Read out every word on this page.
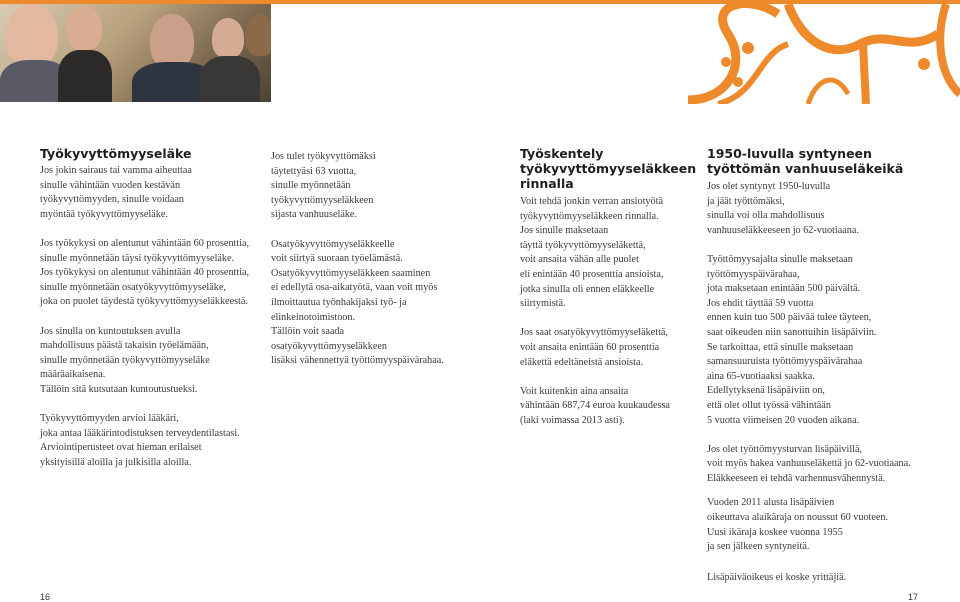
Työkyvyttömyyseläke

Jos jokin sairaus tai vamma aiheuttaa
sinulle vähintään vuoden kestävän
työkyvyttömyyden, sinulle voidaan
myöntää työkyvyttömyyseläke.

Jos työkykysi on alentunut vähintään 60 prosenttia,
sinulle myönnetään täysi työkyvyttömyyseläke.
Jos työkykysi on alentunut vähintään 40 prosenttia,
sinulle myönnetään osatyökyvyttömyyseläke,
joka on puolet täydestä työkyvyttömyyseläkkeestä.

Jos sinulla on kuntoutuksen avulla
mahdollisuus päästä takaisin työelämään,
sinulle myönnetään työkyvyttömyyseläke
määräaikaisena.
Tällöin sitä kutsutaan kuntoutustueksi.

Työkyvyttömyyden arvioi lääkäri,
joka antaa lääkärintodistuksen terveydentilastasi.
Arviointiperusteet ovat hieman erilaiset
yksityisillä aloilla ja julkisilla aloilla.

Jos tulet työkyvyttömäksi
täytettyäsi 63 vuotta,
sinulle myönnetään
työkyvyttömyyseläkkeen
sijasta vanhuuseläke.

Osatyökyvyttömyyseläkkeelle
voit siirtyä suoraan työelämästä.
Osatyökyvyttömyyseläkkeen saaminen
ei edellytä osa-aikatyötä, vaan voit myös
ilmoittautua työnhakijaksi työ- ja
elinkeinotoimistoon.
Tällöin voit saada
osatyökyvyttömyyseläkkeen
lisäksi vähennettyä työttömyyspäivärahaa.

Työskentely
työkyvyttömyyseläkkeen
rinnalla

Voit tehdä jonkin verran ansiotyötä
työkyvyttömyyseläkkeen rinnalla.
Jos sinulle maksetaan
täyttä työkyvyttömyyseläkettä,
voit ansaita vähän alle puolet
eli enintään 40 prosenttia ansioista,
jotka sinulla oli ennen eläkkeelle
siirtymistä.

Jos saat osatyökyvyttömyyseläkettä,
voit ansaita enintään 60 prosenttia
eläkettä edeltäneistä ansioista.

Voit kuitenkin aina ansaita
vähintään 687,74 euroa kuukaudessa
(laki voimassa 2013 asti).

1950-luvulla syntyneen
työttömän vanhuuseläkeikä

Jos olet syntynyt 1950-luvulla
ja jäät työttömäksi,
sinulla voi olla mahdollisuus
vanhuuseläkkeeseen jo 62-vuotiaana.

Työttömyysajalta sinulle maksetaan
työttömyyspäivärahaa,
jota maksetaan enintään 500 päivältä.
Jos ehdit täyttää 59 vuotta
ennen kuin tuo 500 päivää tulee täyteen,
saat oikeuden niin sanottuihin lisäpäiviin.
Se tarkoittaa, että sinulle maksetaan
samansuuruista työttömyyspäivärahaa
aina 65-vuotiaaksi saakka.
Edellytyksenä lisäpäiviin on,
että olet ollut työssä vähintään
5 vuotta viimeisen 20 vuoden aikana.

Jos olet työttömyysturvan lisäpäivillä,
voit myös hakea vanhuuseläkettä jo 62-vuotiaana.
Eläkkeeseen ei tehdä varhennusvähennystä.

Vuoden 2011 alusta lisäpäivien
oikeuttava alaikäraja on noussut 60 vuoteen.
Uusi ikäraja koskee vuonna 1955
ja sen jälkeen syntyneitä.

Lisäpäiväoikeus ei koske yrittäjiä.

16	17
